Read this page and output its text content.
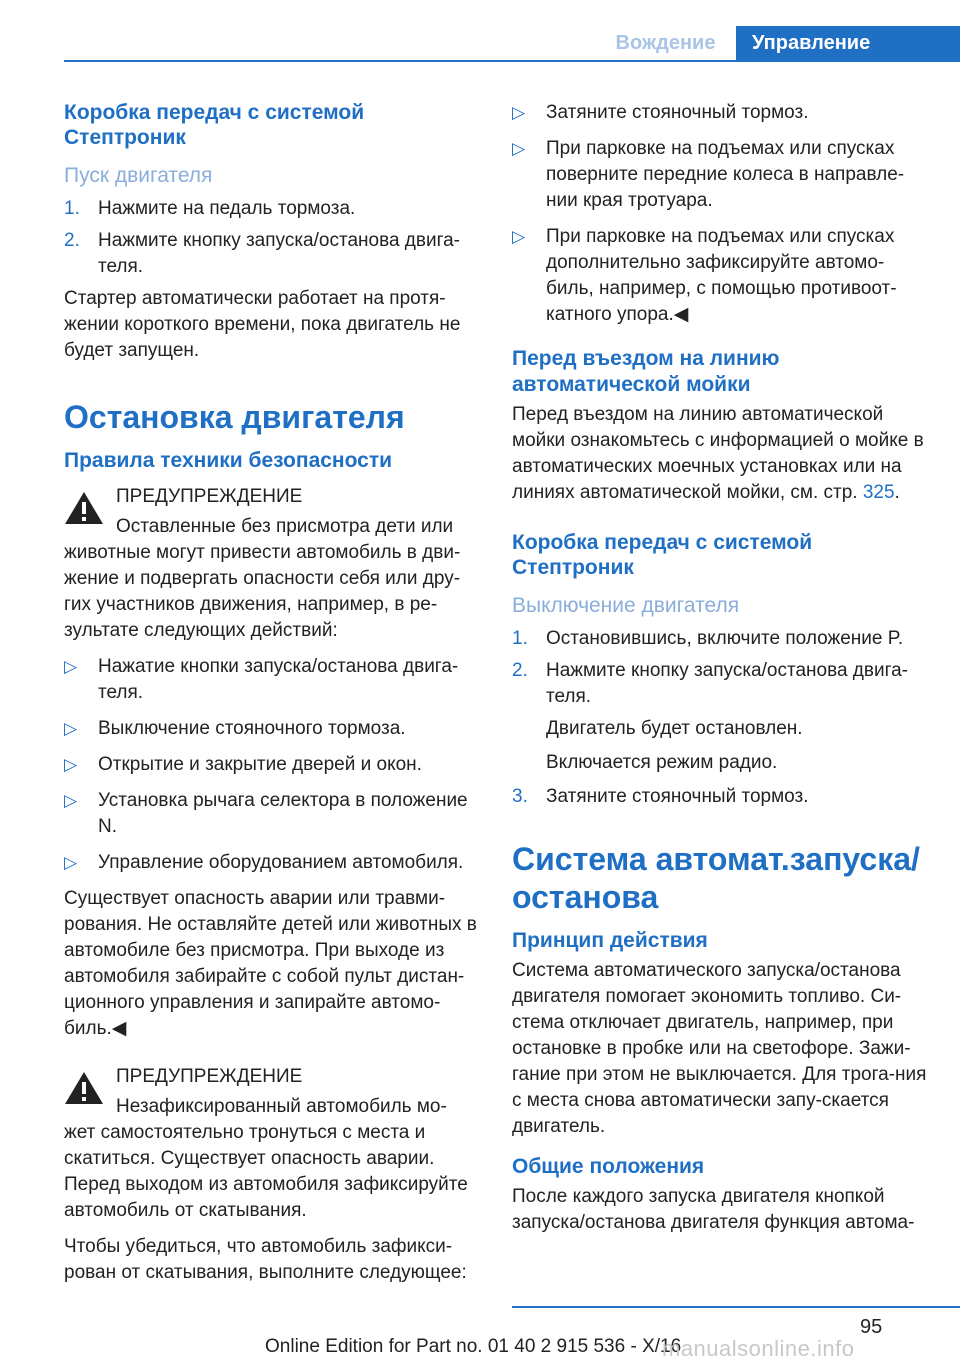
Вождение	Управление
Коробка передач с системой Стептроник
Пуск двигателя
1. Нажмите на педаль тормоза.
2. Нажмите кнопку запуска/останова двига-теля.

Стартер автоматически работает на протя-жении короткого времени, пока двигатель не будет запущен.

Остановка двигателя
Правила техники безопасности
ПРЕДУПРЕЖДЕНИЕ
Оставленные без присмотра дети или
животные могут привести автомобиль в дви-жение и подвергать опасности себя или дру-гих участников движения, например, в ре-зультате следующих действий:
▷ Нажатие кнопки запуска/останова двига-теля.
▷ Выключение стояночного тормоза.
▷ Открытие и закрытие дверей и окон.
▷ Установка рычага селектора в положение N.
▷ Управление оборудованием автомобиля.

Существует опасность аварии или травми-рования. Не оставляйте детей или животных в автомобиле без присмотра. При выходе из автомобиля забирайте с собой пульт дистан-ционного управления и запирайте автомо-биль.◀

ПРЕДУПРЕЖДЕНИЕ
Незафиксированный автомобиль мо-
жет самостоятельно тронуться с места и скатиться. Существует опасность аварии. Перед выходом из автомобиля зафиксируйте автомобиль от скатывания.

Чтобы убедиться, что автомобиль зафикси-рован от скатывания, выполните следующее:

▷ Затяните стояночный тормоз.
▷ При парковке на подъемах или спусках поверните передние колеса в направле-нии края тротуара.
▷ При парковке на подъемах или спусках дополнительно зафиксируйте автомо-биль, например, с помощью противоот-катного упора.◀
Перед въездом на линию автоматической мойки

Перед въездом на линию автоматической мойки ознакомьтесь с информацией о мойке в автоматических моечных установках или на линиях автоматической мойки, см. стр. 325.

Коробка передач с системой Стептроник
Выключение двигателя
1. Остановившись, включите положение P.
2. Нажмите кнопку запуска/останова двига-теля.
Двигатель будет остановлен.
Включается режим радио.
3. Затяните стояночный тормоз.
Система автомат.запуска/ останова
Принцип действия

Система автоматического запуска/останова двигателя помогает экономить топливо. Си-стема отключает двигатель, например, при остановке в пробке или на светофоре. Зажи-гание при этом не выключается. Для трога-ния с места снова автоматически запу-скается двигатель.

Общие положения

После каждого запуска двигателя кнопкой запуска/останова двигателя функция автома-

95
Online Edition for Part no. 01 40 2 915 536 - X/16
manualsonline.info
